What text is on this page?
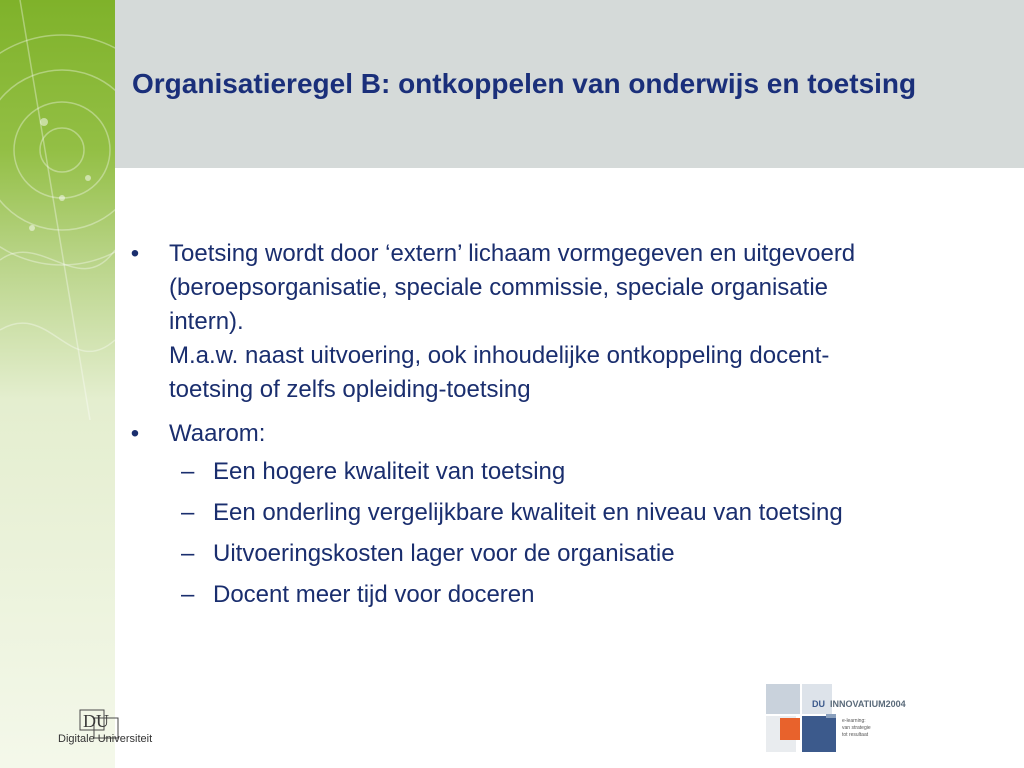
Organisatieregel B: ontkoppelen van onderwijs en toetsing
• Toetsing wordt door ‘extern’ lichaam vormgegeven en uitgevoerd (beroepsorganisatie, speciale commissie, speciale organisatie intern).
M.a.w. naast uitvoering, ook inhoudelijke ontkoppeling docent-toetsing of zelfs opleiding-toetsing
• Waarom:
– Een hogere kwaliteit van toetsing
– Een onderling vergelijkbare kwaliteit en niveau van toetsing
– Uitvoeringskosten lager voor de organisatie
– Docent meer tijd voor doceren
DU
Digitale Universiteit
DU INNOVATIUM2004
e-learning:
van strategie
tot resultaat
